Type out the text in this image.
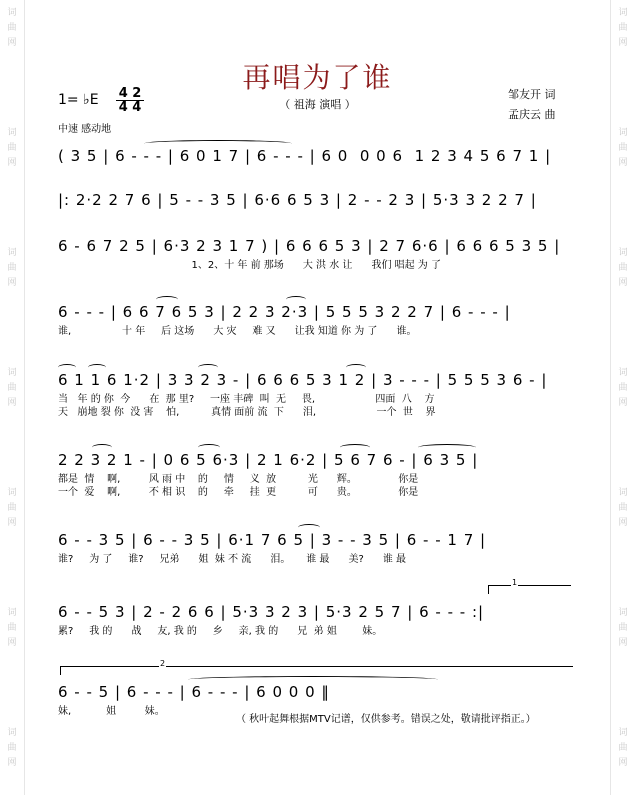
词
曲
网
词
曲
网
词
曲
网
词
曲
网
词
曲
网
词
曲
网
词
曲
网
词
曲
网
词
曲
网
词
曲
网
词
曲
网
词
曲
网
词
曲
网
词
曲
网
再唱为了谁
（ 祖海 演唱 ）
1= ♭E 4 2
4 4
中速 感动地
邹友开 词
孟庆云 曲
( 3 5 | 6 - - - | 6 0 1 7 | 6 - - - | 6 0  0 0 6  1 2 3 4 5 6 7 1 |
|: 2·2 2 7 6 | 5 - - 3 5 | 6·6 6 5 3 | 2 - - 2 3 | 5·3 3 2 2 7 |
6 - 6 7 2 5 | 6·3 2 3 1 7 ) | 6 6 6 5 3 | 2 7 6·6 | 6 6 6 5 3 5 |
1、2、十 年 前 那场      大 洪 水 让      我们 唱起 为 了
6 - - - | 6 6 7 6 5 3 | 2 2 3 2·3 | 5 5 5 3 2 2 7 | 6 - - - |
谁,                十 年     后 这场      大 灾     难 又      让我 知道 你 为 了      谁。
6 1 1 6 1·2 | 3 3 2 3 - | 6 6 6 5 3 1 2 | 3 - - - | 5 5 5 3 6 - |
当   年 的 你  今      在  那 里?     一座 丰碑  叫  无     畏,                   四面  八    方
天   崩地 裂 你  没 害    怕,          真情 面前 流  下      泪,                   一个  世    界
2 2 3 2 1 - | 0 6 5 6·3 | 2 1 6·2 | 5 6 7 6 - | 6 3 5 |
都是  情    啊,         风 雨 中    的     情     义  放          光      辉。             你是
一个  爱    啊,         不 相 识    的     牵     挂  更          可      贵。             你是
6 - - 3 5 | 6 - - 3 5 | 6·1 7 6 5 | 3 - - 3 5 | 6 - - 1 7 |
谁?     为 了     谁?     兄弟      姐  妹 不 流      泪。     谁 最      美?      谁 最
1
6 - - 5 3 | 2 - 2 6 6 | 5·3 3 2 3 | 5·3 2 5 7 | 6 - - - :|
累?     我 的      战     友, 我 的     乡     亲, 我 的      兄  弟 姐        妹。
2
6 - - 5 | 6 - - - | 6 - - - | 6 0 0 0 ‖
妹,           姐         妹。
（ 秋叶起舞根据MTV记谱，仅供参考。错误之处，敬请批评指正。）
